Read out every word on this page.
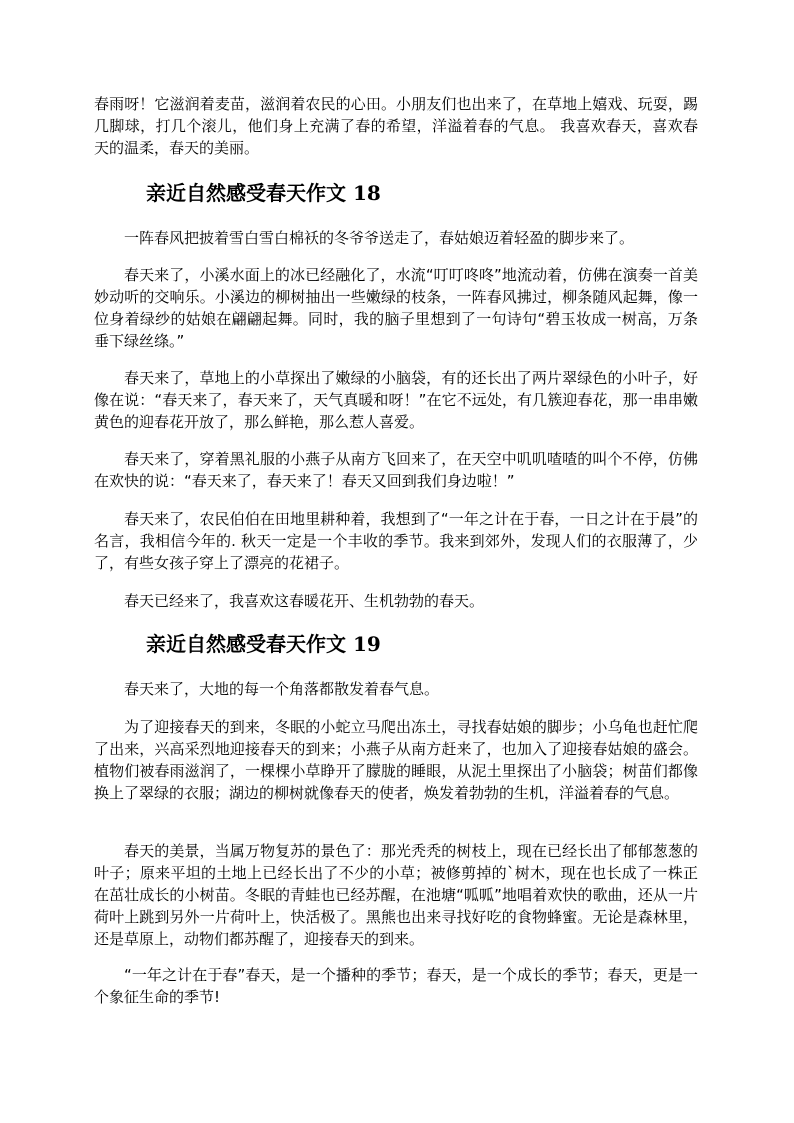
春雨呀！它滋润着麦苗，滋润着农民的心田。小朋友们也出来了，在草地上嬉戏、玩耍，踢几脚球，打几个滚儿，他们身上充满了春的希望，洋溢着春的气息。 我喜欢春天，喜欢春天的温柔，春天的美丽。

亲近自然感受春天作文 18

一阵春风把披着雪白雪白棉袄的冬爷爷送走了，春姑娘迈着轻盈的脚步来了。

春天来了，小溪水面上的冰已经融化了，水流“叮叮咚咚”地流动着，仿佛在演奏一首美妙动听的交响乐。小溪边的柳树抽出一些嫩绿的枝条，一阵春风拂过，柳条随风起舞，像一位身着绿纱的姑娘在翩翩起舞。同时，我的脑子里想到了一句诗句“碧玉妆成一树高，万条垂下绿丝绦。”

春天来了，草地上的小草探出了嫩绿的小脑袋，有的还长出了两片翠绿色的小叶子，好像在说：“春天来了，春天来了，天气真暖和呀！”在它不远处，有几簇迎春花，那一串串嫩黄色的迎春花开放了，那么鲜艳，那么惹人喜爱。

春天来了，穿着黑礼服的小燕子从南方飞回来了，在天空中叽叽喳喳的叫个不停，仿佛在欢快的说：“春天来了，春天来了！春天又回到我们身边啦！”

春天来了，农民伯伯在田地里耕种着，我想到了“一年之计在于春，一日之计在于晨”的名言，我相信今年的. 秋天一定是一个丰收的季节。我来到郊外，发现人们的衣服薄了，少了，有些女孩子穿上了漂亮的花裙子。

春天已经来了，我喜欢这春暖花开、生机勃勃的春天。

亲近自然感受春天作文 19

春天来了，大地的每一个角落都散发着春气息。

为了迎接春天的到来，冬眠的小蛇立马爬出冻土，寻找春姑娘的脚步；小乌龟也赶忙爬了出来，兴高采烈地迎接春天的到来；小燕子从南方赶来了，也加入了迎接春姑娘的盛会。植物们被春雨滋润了，一棵棵小草睁开了朦胧的睡眼，从泥土里探出了小脑袋；树苗们都像换上了翠绿的衣服；湖边的柳树就像春天的使者，焕发着勃勃的生机，洋溢着春的气息。

春天的美景，当属万物复苏的景色了：那光秃秃的树枝上，现在已经长出了郁郁葱葱的叶子；原来平坦的土地上已经长出了不少的小草；被修剪掉的`树木，现在也长成了一株正在茁壮成长的小树苗。冬眠的青蛙也已经苏醒，在池塘“呱呱”地唱着欢快的歌曲，还从一片荷叶上跳到另外一片荷叶上，快活极了。黑熊也出来寻找好吃的食物蜂蜜。无论是森林里，还是草原上，动物们都苏醒了，迎接春天的到来。

“一年之计在于春”春天，是一个播种的季节；春天，是一个成长的季节；春天，更是一个象征生命的季节!
